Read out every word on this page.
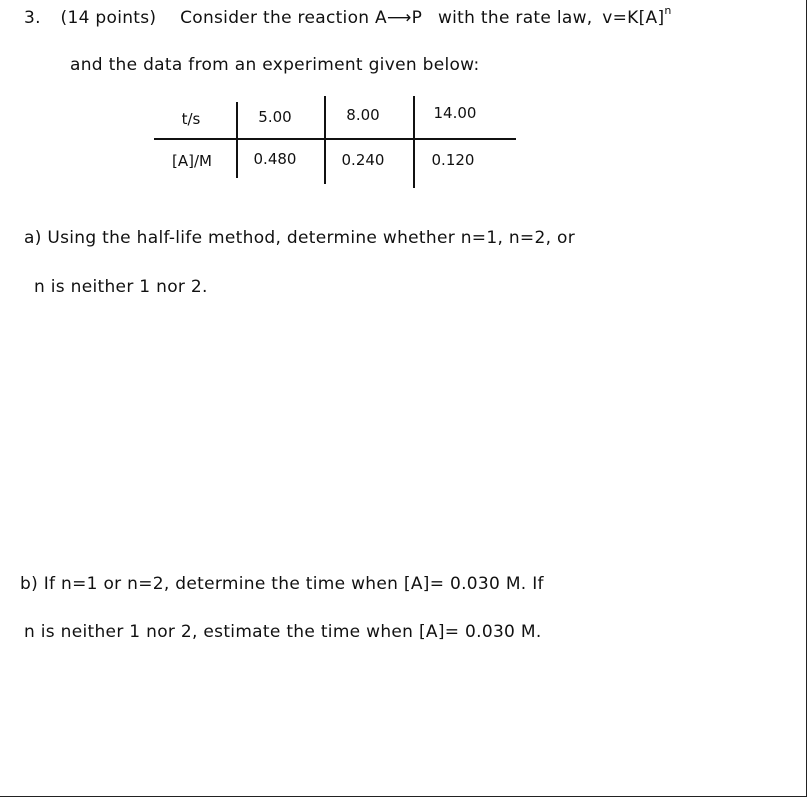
3. (14 points) Consider the reaction A⟶P with the rate law, $v=K[A]^n$
and the data from an experiment given below:
t/s	5.00	8.00	14.00
[A]/M	0.480	0.240	0.120
a) Using the half-life method, determine whether n=1, n=2, or
n is neither 1 nor 2.
b) If n=1 or n=2, determine the time when [A]= 0.030 M. If
n is neither 1 nor 2, estimate the time when [A]= 0.030 M.
